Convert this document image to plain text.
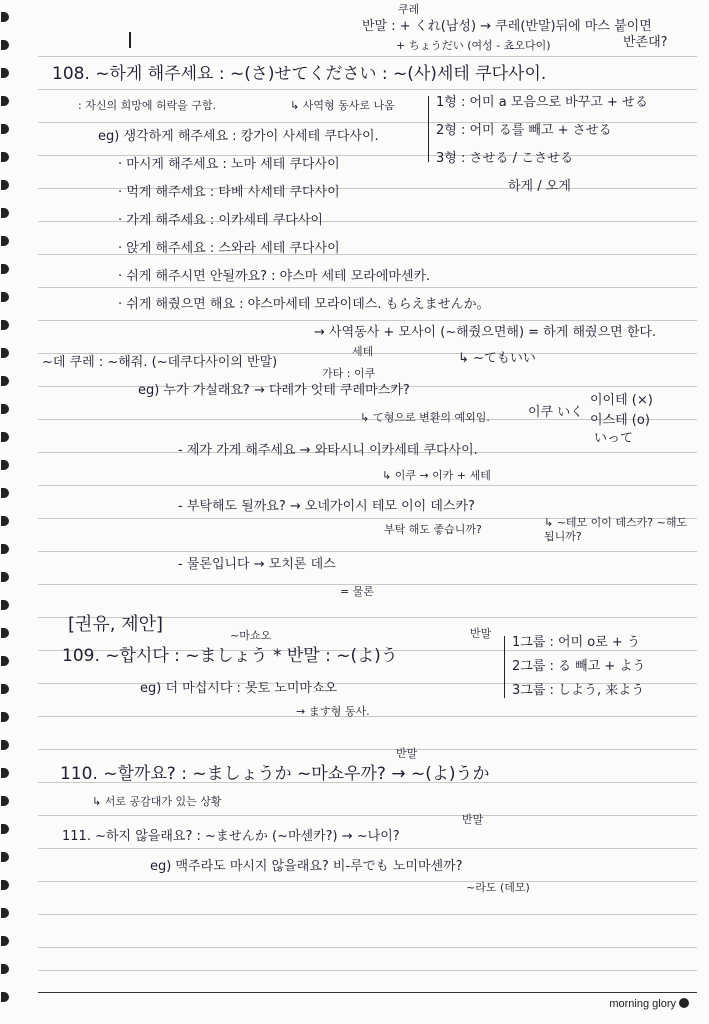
쿠레
반말 : + くれ(남성) → 쿠레(반말)뒤에 마스 붙이면
+ ちょうだい (여성 - 쵸오다이)	반존대?
108. ~하게 해주세요 : ~(さ)せてください : ~(사)세테 쿠다사이.
: 자신의 희망에 허락을 구함.	↳ 사역형 동사로 나옴	1형 : 어미 a 모음으로 바꾸고 + せる
2형 : 어미 る를 빼고 + させる
3형 : させる / こさせる
하게 / 오게
eg) 생각하게 해주세요 : 캉가이 사세테 쿠다사이.
· 마시게 해주세요 : 노마 세테 쿠다사이
· 먹게 해주세요 : 타베 사세테 쿠다사이
· 가게 해주세요 : 이카세테 쿠다사이
· 앉게 해주세요 : 스와라 세테 쿠다사이
· 쉬게 해주시면 안될까요? : 야스마 세테 모라에마센카.
· 쉬게 해줬으면 해요 : 야스마세테 모라이데스. もらえませんか。
→ 사역동사 + 모사이 (~해줬으면해) = 하게 해줬으면 한다.
~데 쿠레 : ~해줘. (~데쿠다사이의 반말)
세테
가타 : 이쿠
↳ ~てもいい
eg) 누가 가실래요? → 다레가 잇테 쿠레마스카?
↳ て형으로 변환의 예외임.	이쿠 いく
이이테 (×)
이스테 (o)
いって
- 제가 가게 해주세요 → 와타시니 이카세테 쿠다사이.
↳ 이쿠 → 이카 + 세테
- 부탁해도 될까요? → 오네가이시 테모 이이 데스카?
부탁 해도 좋습니까?
↳ ~테모 이이 데스카? ~해도 됩니까?
- 물론입니다 → 모치론 데스
= 물론
[권유, 제안]
~마쇼오	반말
109. ~합시다 : ~ましょう * 반말 : ~(よ)う
1그룹 : 어미 o로 + う
2그룹 : る 빼고 + よう
3그룹 : しよう, 来よう
eg) 더 마십시다 : 못토 노미마쇼오
→ ます형 동사.
반말
110. ~할까요? : ~ましょうか ~마쇼우까? → ~(よ)うか
↳ 서로 공감대가 있는 상황
반말
111. ~하지 않을래요? : ~ませんか (~마센카?) → ~나이?
eg) 맥주라도 마시지 않을래요? 비-루でも 노미마센까?
~라도 (데모)
morning glory
